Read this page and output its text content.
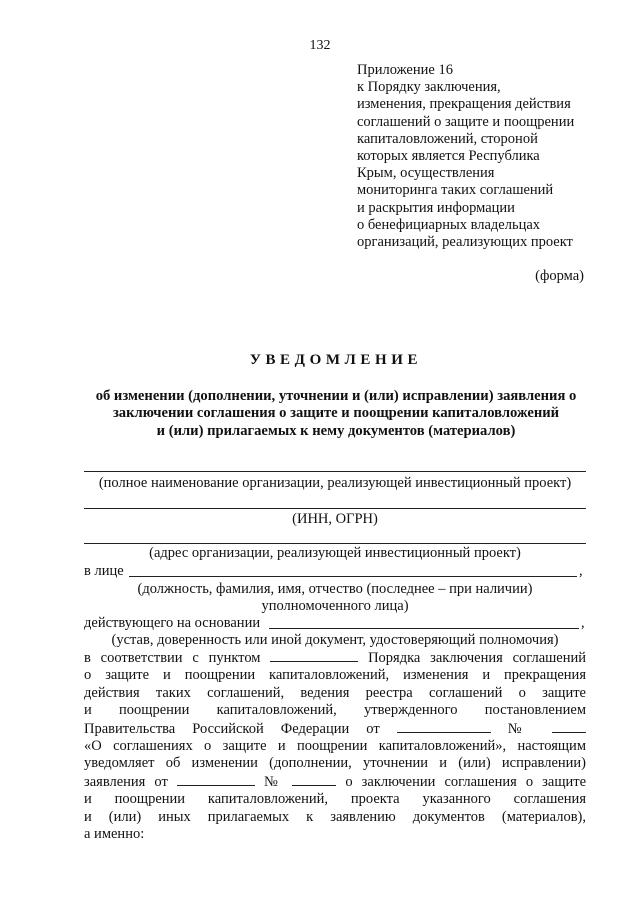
132
Приложение 16
к Порядку заключения,
изменения, прекращения действия
соглашений о защите и поощрении
капиталовложений, стороной
которых является Республика
Крым, осуществления
мониторинга таких соглашений
и раскрытия информации
о бенефициарных владельцах
организаций, реализующих проект
(форма)
УВЕДОМЛЕНИЕ
об изменении (дополнении, уточнении и (или) исправлении) заявления о
заключении соглашения о защите и поощрении капиталовложений
и (или) прилагаемых к нему документов (материалов)
(полное наименование организации, реализующей инвестиционный проект)
(ИНН, ОГРН)
(адрес организации, реализующей инвестиционный проект)
в лице	,
(должность, фамилия, имя, отчество (последнее – при наличии)
уполномоченного лица)
действующего на основании	,
(устав, доверенность или иной документ, удостоверяющий полномочия)
в соответствии с пунктом	Порядка заключения соглашений
о защите и поощрении капиталовложений, изменения и прекращения
действия таких соглашений, ведения реестра соглашений о защите
и поощрении капиталовложений, утвержденного постановлением
Правительства Российской Федерации от	№
«О соглашениях о защите и поощрении капиталовложений», настоящим
уведомляет об изменении (дополнении, уточнении и (или) исправлении)
заявления от	№	о заключении соглашения о защите
и поощрении капиталовложений, проекта указанного соглашения
и (или) иных прилагаемых к заявлению документов (материалов),
а именно:
